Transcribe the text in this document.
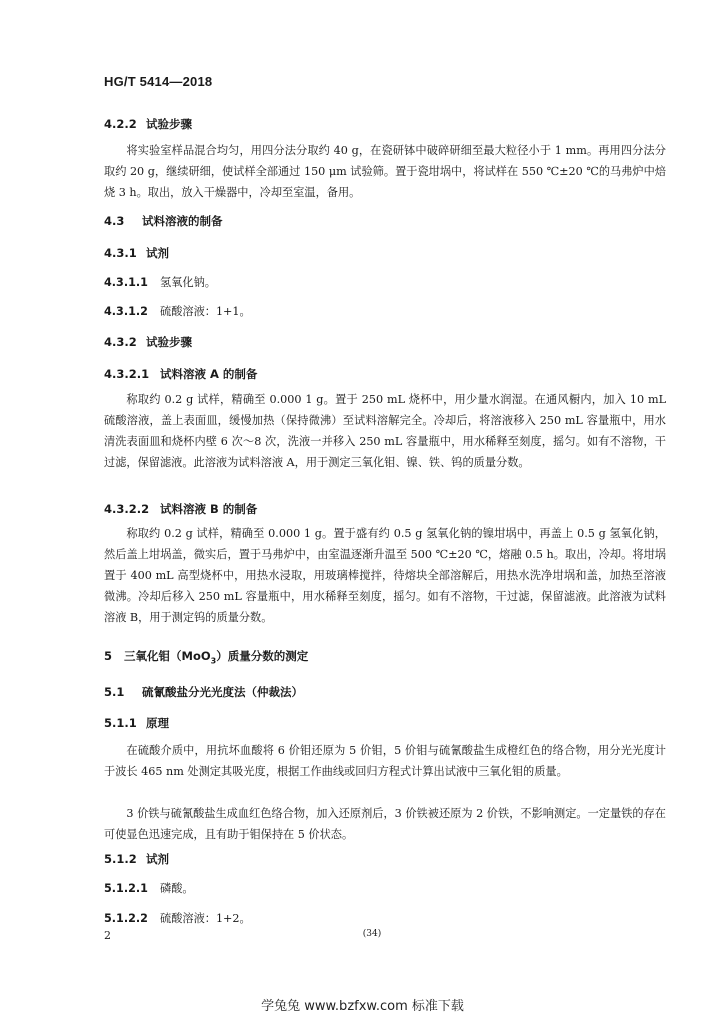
HG/T 5414—2018
4.2.2 试验步骤

将实验室样品混合均匀，用四分法分取约 40 g，在瓷研钵中破碎研细至最大粒径小于 1 mm。再用四分法分取约 20 g，继续研细，使试样全部通过 150 μm 试验筛。置于瓷坩埚中，将试样在 550 ℃±20 ℃的马弗炉中焙烧 3 h。取出，放入干燥器中，冷却至室温，备用。

4.3 试料溶液的制备
4.3.1 试剂
4.3.1.1 氢氧化钠。
4.3.1.2 硫酸溶液：1+1。
4.3.2 试验步骤
4.3.2.1 试料溶液 A 的制备

称取约 0.2 g 试样，精确至 0.000 1 g。置于 250 mL 烧杯中，用少量水润湿。在通风橱内，加入 10 mL 硫酸溶液，盖上表面皿，缓慢加热（保持微沸）至试料溶解完全。冷却后，将溶液移入 250 mL 容量瓶中，用水清洗表面皿和烧杯内壁 6 次～8 次，洗液一并移入 250 mL 容量瓶中，用水稀释至刻度，摇匀。如有不溶物，干过滤，保留滤液。此溶液为试料溶液 A，用于测定三氧化钼、镍、铁、钨的质量分数。

4.3.2.2 试料溶液 B 的制备

称取约 0.2 g 试样，精确至 0.000 1 g。置于盛有约 0.5 g 氢氧化钠的镍坩埚中，再盖上 0.5 g 氢氧化钠，然后盖上坩埚盖，微实后，置于马弗炉中，由室温逐渐升温至 500 ℃±20 ℃，熔融 0.5 h。取出，冷却。将坩埚置于 400 mL 高型烧杯中，用热水浸取，用玻璃棒搅拌，待熔块全部溶解后，用热水洗净坩埚和盖，加热至溶液微沸。冷却后移入 250 mL 容量瓶中，用水稀释至刻度，摇匀。如有不溶物，干过滤，保留滤液。此溶液为试料溶液 B，用于测定钨的质量分数。

5 三氧化钼（MoO$_3$）质量分数的测定
5.1 硫氰酸盐分光光度法（仲裁法）
5.1.1 原理

在硫酸介质中，用抗坏血酸将 6 价钼还原为 5 价钼，5 价钼与硫氰酸盐生成橙红色的络合物，用分光光度计于波长 465 nm 处测定其吸光度，根据工作曲线或回归方程式计算出试液中三氧化钼的质量。

3 价铁与硫氰酸盐生成血红色络合物，加入还原剂后，3 价铁被还原为 2 价铁，不影响测定。一定量铁的存在可使显色迅速完成，且有助于钼保持在 5 价状态。

5.1.2 试剂
5.1.2.1 磷酸。
5.1.2.2 硫酸溶液：1+2。
2	(34)
学兔兔 www.bzfxw.com 标准下载
